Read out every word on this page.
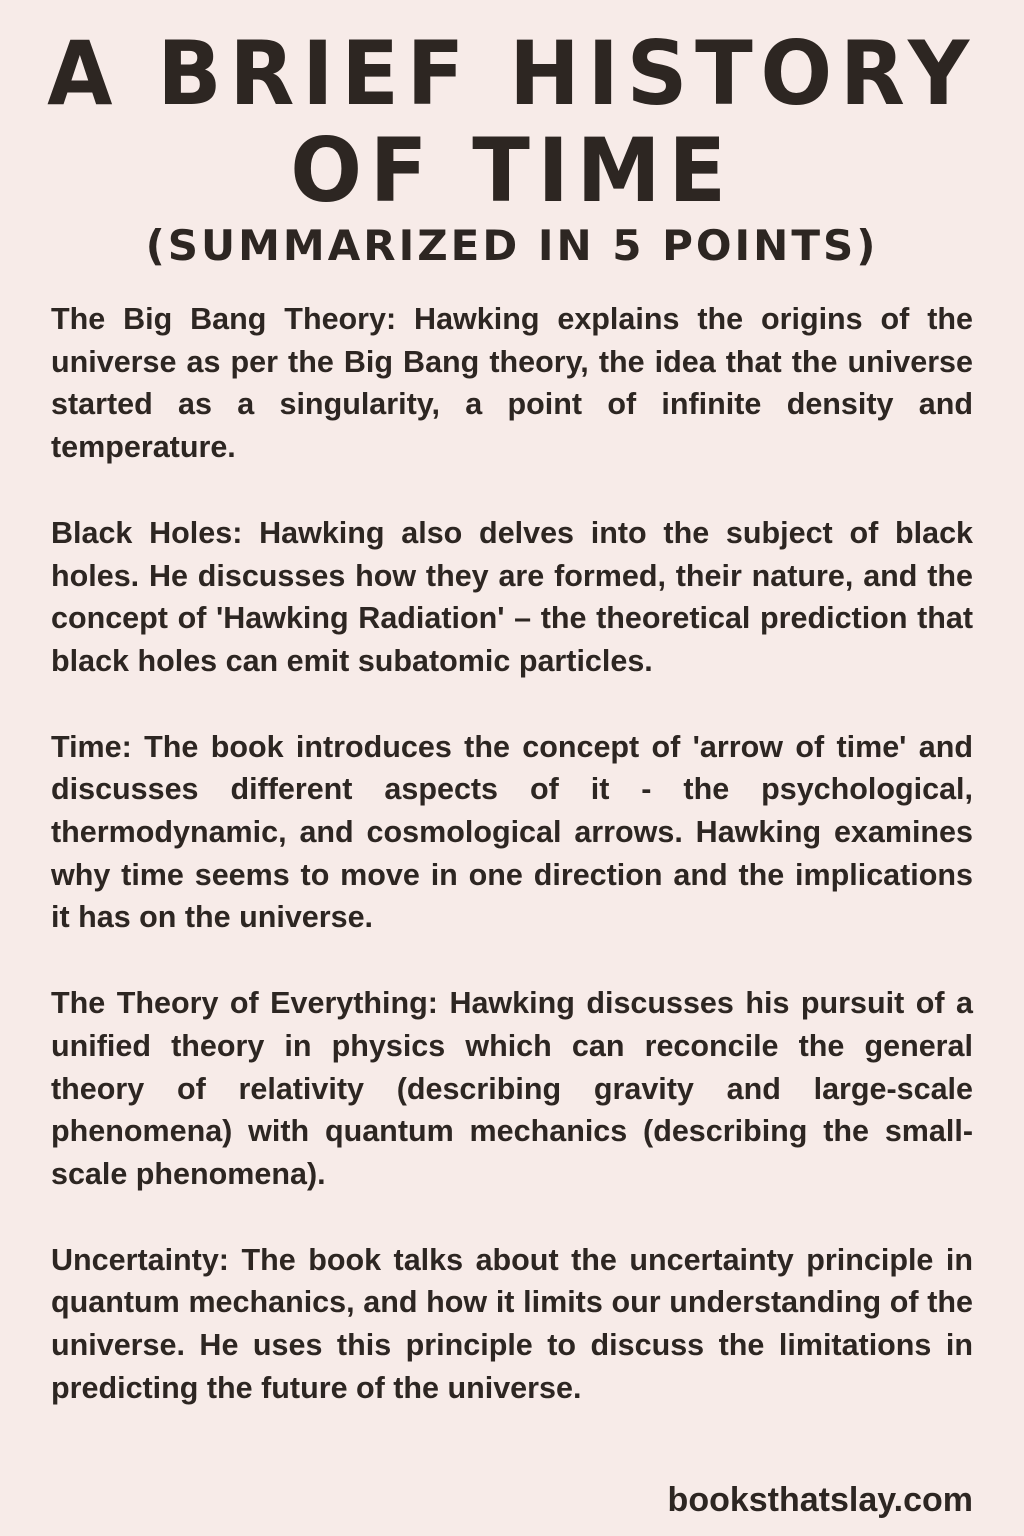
A BRIEF HISTORY
OF TIME
(SUMMARIZED IN 5 POINTS)

The Big Bang Theory: Hawking explains the origins of the universe as per the Big Bang theory, the idea that the universe started as a singularity, a point of infinite density and temperature.

Black Holes: Hawking also delves into the subject of black holes. He discusses how they are formed, their nature, and the concept of 'Hawking Radiation' – the theoretical prediction that black holes can emit subatomic particles.

Time: The book introduces the concept of 'arrow of time' and discusses different aspects of it - the psychological, thermodynamic, and cosmological arrows. Hawking examines why time seems to move in one direction and the implications it has on the universe.

The Theory of Everything: Hawking discusses his pursuit of a unified theory in physics which can reconcile the general theory of relativity (describing gravity and large-scale phenomena) with quantum mechanics (describing the small-scale phenomena).

Uncertainty: The book talks about the uncertainty principle in quantum mechanics, and how it limits our understanding of the universe. He uses this principle to discuss the limitations in predicting the future of the universe.

booksthatslay.com
